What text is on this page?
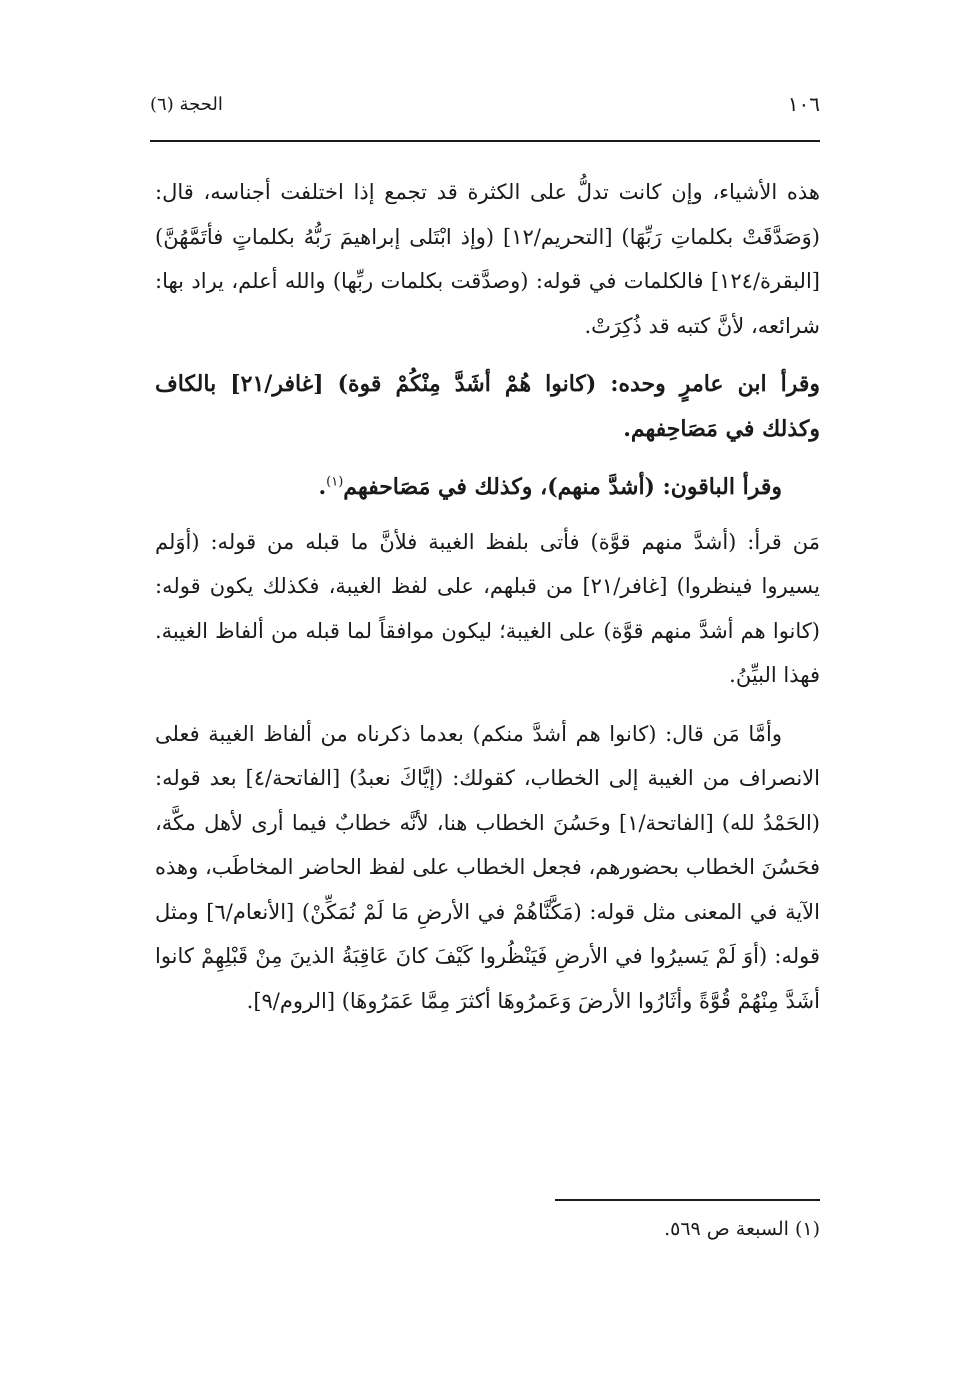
١٠٦
الحجة (٦)

هذه الأشياء، وإن كانت تدلُّ على الكثرة قد تجمع إذا اختلفت أجناسه، قال: (وَصَدَّقَتْ بكلماتِ رَبِّهَا) [التحريم/١٢] (وإذ ابْتَلى إبراهيمَ رَبُّهُ بكلماتٍ فأتَمَّهُنَّ) [البقرة/١٢٤] فالكلمات في قوله: (وصدَّقت بكلمات ربِّها) والله أعلم، يراد بها: شرائعه، لأنَّ كتبه قد ذُكِرَتْ.

وقرأ ابن عامرٍ وحده: (كانوا هُمْ أشَدَّ مِنْكُمْ قوة) [غافر/٢١] بالكاف وكذلك في مَصَاحِفهم.

وقرأ الباقون: (أشدَّ منهم)، وكذلك في مَصَاحفهم$^{(١)}$.

مَن قرأ: (أشدَّ منهم قوَّة) فأتى بلفظ الغيبة فلأنَّ ما قبله من قوله: (أوَلم يسيروا فينظروا) [غافر/٢١] من قبلهم، على لفظ الغيبة، فكذلك يكون قوله: (كانوا هم أشدَّ منهم قوَّة) على الغيبة؛ ليكون موافقاً لما قبله من ألفاظ الغيبة. فهذا البيِّنُ.

وأمَّا مَن قال: (كانوا هم أشدَّ منكم) بعدما ذكرناه من ألفاظ الغيبة فعلى الانصراف من الغيبة إلى الخطاب، كقولك: (إيَّاكَ نعبدُ) [الفاتحة/٤] بعد قوله: (الحَمْدُ لله) [الفاتحة/١] وحَسُنَ الخطاب هنا، لأنَّه خطابٌ فيما أرى لأهل مكَّة، فحَسُنَ الخطاب بحضورهم، فجعل الخطاب على لفظ الحاضر المخاطَب، وهذه الآية في المعنى مثل قوله: (مَكَّنَّاهُمْ في الأرضِ مَا لَمْ نُمَكِّنْ) [الأنعام/٦] ومثل قوله: (أوَ لَمْ يَسيرُوا في الأرضِ فَيَنْظُروا كَيْفَ كانَ عَاقِبَةُ الذينَ مِنْ قَبْلِهِمْ كانوا أشَدَّ مِنْهُمْ قُوَّةً وأثَارُوا الأرضَ وَعَمرُوهَا أكثرَ مِمَّا عَمَرُوهَا) [الروم/٩].

(١) السبعة ص ٥٦٩.
